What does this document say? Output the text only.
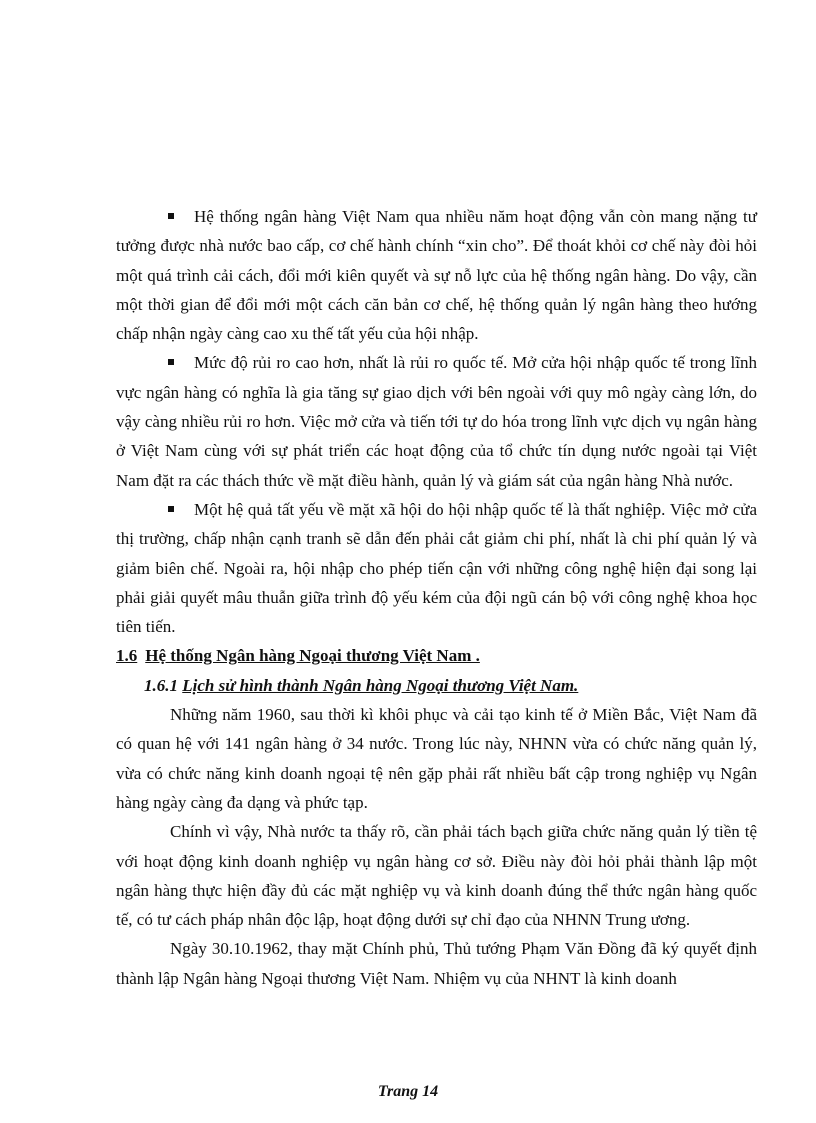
Hệ thống ngân hàng Việt Nam qua nhiều năm hoạt động vẫn còn mang nặng tư tưởng được nhà nước bao cấp, cơ chế hành chính “xin cho”. Để thoát khỏi cơ chế này đòi hỏi một quá trình cải cách, đổi mới kiên quyết và sự nỗ lực của hệ thống ngân hàng. Do vậy, cần một thời gian để đổi mới một cách căn bản cơ chế, hệ thống quản lý ngân hàng theo hướng chấp nhận ngày càng cao xu thế tất yếu của hội nhập.

Mức độ rủi ro cao hơn, nhất là rủi ro quốc tế. Mở cửa hội nhập quốc tế trong lĩnh vực ngân hàng có nghĩa là gia tăng sự giao dịch với bên ngoài với quy mô ngày càng lớn, do vậy càng nhiều rủi ro hơn. Việc mở cửa và tiến tới tự do hóa trong lĩnh vực dịch vụ ngân hàng ở Việt Nam cùng với sự phát triển các hoạt động của tổ chức tín dụng nước ngoài tại Việt Nam đặt ra các thách thức về mặt điều hành, quản lý và giám sát của ngân hàng Nhà nước.

Một hệ quả tất yếu về mặt xã hội do hội nhập quốc tế là thất nghiệp. Việc mở cửa thị trường, chấp nhận cạnh tranh sẽ dẫn đến phải cắt giảm chi phí, nhất là chi phí quản lý và giảm biên chế. Ngoài ra, hội nhập cho phép tiến cận với những công nghệ hiện đại song lại phải giải quyết mâu thuẫn giữa trình độ yếu kém của đội ngũ cán bộ với công nghệ khoa học tiên tiến.

1.6 Hệ thống Ngân hàng Ngoại thương Việt Nam .

1.6.1 Lịch sử hình thành Ngân hàng Ngoại thương Việt Nam.

Những năm 1960, sau thời kì khôi phục và cải tạo kinh tế ở Miền Bắc, Việt Nam đã có quan hệ với 141 ngân hàng ở 34 nước. Trong lúc này, NHNN vừa có chức năng quản lý, vừa có chức năng kinh doanh ngoại tệ nên gặp phải rất nhiều bất cập trong nghiệp vụ Ngân hàng ngày càng đa dạng và phức tạp.

Chính vì vậy, Nhà nước ta thấy rõ, cần phải tách bạch giữa chức năng quản lý tiền tệ với hoạt động kinh doanh nghiệp vụ ngân hàng cơ sở. Điều này đòi hỏi phải thành lập một ngân hàng thực hiện đầy đủ các mặt nghiệp vụ và kinh doanh đúng thể thức ngân hàng quốc tế, có tư cách pháp nhân độc lập, hoạt động dưới sự chỉ đạo của NHNN Trung ương.

Ngày 30.10.1962, thay mặt Chính phủ, Thủ tướng Phạm Văn Đồng đã ký quyết định thành lập Ngân hàng Ngoại thương Việt Nam. Nhiệm vụ của NHNT là kinh doanh

Trang 14
